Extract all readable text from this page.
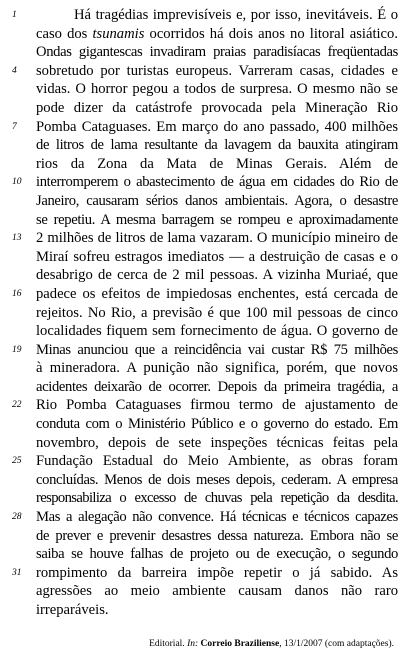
1	Há tragédias imprevisíveis e, por isso, inevitáveis. É o
caso dos tsunamis ocorridos há dois anos no litoral asiático.
Ondas gigantescas invadiram praias paradisíacas freqüentadas
4 sobretudo por turistas europeus. Varreram casas, cidades e
vidas. O horror pegou a todos de surpresa. O mesmo não se
pode dizer da catástrofe provocada pela Mineração Rio
7 Pomba Cataguases. Em março do ano passado, 400 milhões
de litros de lama resultante da lavagem da bauxita atingiram
rios da Zona da Mata de Minas Gerais. Além de
10 interromperem o abastecimento de água em cidades do Rio de
Janeiro, causaram sérios danos ambientais. Agora, o desastre
se repetiu. A mesma barragem se rompeu e aproximadamente
13 2 milhões de litros de lama vazaram. O município mineiro de
Miraí sofreu estragos imediatos — a destruição de casas e o
desabrigo de cerca de 2 mil pessoas. A vizinha Muriaé, que
16 padece os efeitos de impiedosas enchentes, está cercada de
rejeitos. No Rio, a previsão é que 100 mil pessoas de cinco
localidades fiquem sem fornecimento de água. O governo de
19 Minas anunciou que a reincidência vai custar R$ 75 milhões
à mineradora. A punição não significa, porém, que novos
acidentes deixarão de ocorrer. Depois da primeira tragédia, a
22 Rio Pomba Cataguases firmou termo de ajustamento de
conduta com o Ministério Público e o governo do estado. Em
novembro, depois de sete inspeções técnicas feitas pela
25 Fundação Estadual do Meio Ambiente, as obras foram
concluídas. Menos de dois meses depois, cederam. A empresa
responsabiliza o excesso de chuvas pela repetição da desdita.
28 Mas a alegação não convence. Há técnicas e técnicos capazes
de prever e prevenir desastres dessa natureza. Embora não se
saiba se houve falhas de projeto ou de execução, o segundo
31 rompimento da barreira impõe repetir o já sabido. As
agressões ao meio ambiente causam danos não raro
irreparáveis.
Editorial. In: Correio Braziliense, 13/1/2007 (com adaptações).
